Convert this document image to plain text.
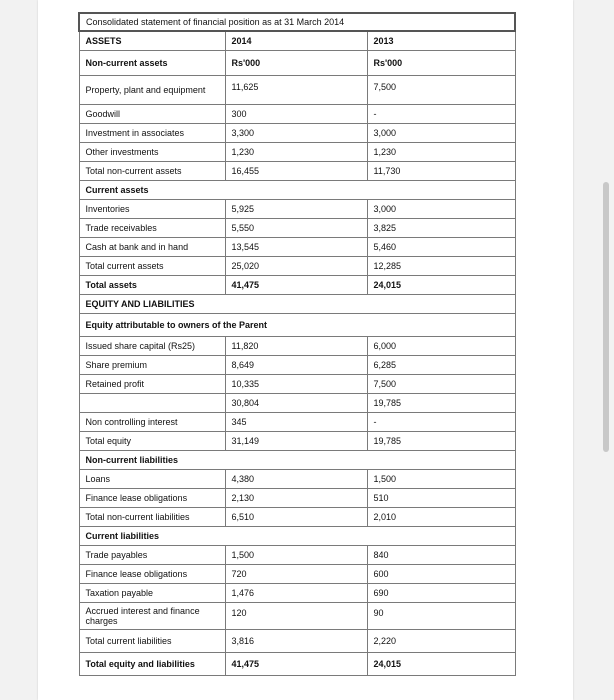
Consolidated statement of financial position as at 31 March 2014		
ASSETS	2014	2013
Non-current assets	Rs'000	Rs'000
Property, plant and equipment	11,625	7,500
Goodwill	300	-
Investment in associates	3,300	3,000
Other investments	1,230	1,230
Total non-current assets	16,455	11,730
Current assets		
Inventories	5,925	3,000
Trade receivables	5,550	3,825
Cash at bank and in hand	13,545	5,460
Total current assets	25,020	12,285
Total assets	41,475	24,015
EQUITY AND LIABILITIES		
Equity attributable to owners of the Parent		
Issued share capital (Rs25)	11,820	6,000
Share premium	8,649	6,285
Retained profit	10,335	7,500
	30,804	19,785
Non controlling interest	345	-
Total equity	31,149	19,785
Non-current liabilities		
Loans	4,380	1,500
Finance lease obligations	2,130	510
Total non-current liabilities	6,510	2,010
Current liabilities		
Trade payables	1,500	840
Finance lease obligations	720	600
Taxation payable	1,476	690
Accrued interest and finance charges	120	90
Total current liabilities	3,816	2,220
Total equity and liabilities	41,475	24,015
